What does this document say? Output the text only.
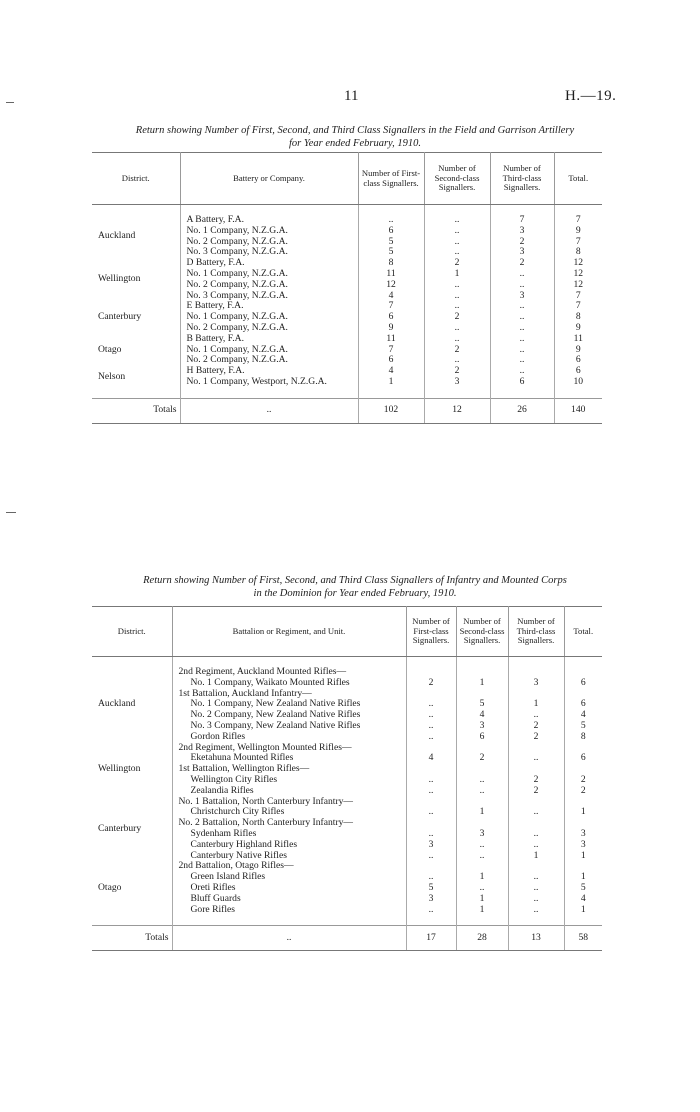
11	H.—19.
Return showing Number of First, Second, and Third Class Signallers in the Field and Garrison Artillery
for Year ended February, 1910.
District.	Battery or Company.	Number of First-class Signallers.	Number of Second-class Signallers.	Number of Third-class Signallers.	Total.

Auckland	A Battery, F.A.	..	..	7	7
	No. 1 Company, N.Z.G.A.	6	..	3	9
	No. 2 Company, N.Z.G.A.	5	..	2	7
	No. 3 Company, N.Z.G.A.	5	..	3	8
Wellington	D Battery, F.A.	8	2	2	12
	No. 1 Company, N.Z.G.A.	11	1	..	12
	No. 2 Company, N.Z.G.A.	12	..	..	12
	No. 3 Company, N.Z.G.A.	4	..	3	7
Canterbury	E Battery, F.A.	7	..	..	7
	No. 1 Company, N.Z.G.A.	6	2	..	8
	No. 2 Company, N.Z.G.A.	9	..	..	9
Otago	B Battery, F.A.	11	..	..	11
	No. 1 Company, N.Z.G.A.	7	2	..	9
	No. 2 Company, N.Z.G.A.	6	..	..	6
Nelson	H Battery, F.A.	4	2	..	6
	No. 1 Company, Westport, N.Z.G.A.	1	3	6	10

Totals	..	102	12	26	140
Return showing Number of First, Second, and Third Class Signallers of Infantry and Mounted Corps
in the Dominion for Year ended February, 1910.
District.	Battalion or Regiment, and Unit.	Number of First-class Signallers.	Number of Second-class Signallers.	Number of Third-class Signallers.	Total.

Auckland	2nd Regiment, Auckland Mounted Rifles—				
	No. 1 Company, Waikato Mounted Rifles	2	1	3	6
	1st Battalion, Auckland Infantry—				
	No. 1 Company, New Zealand Native Rifles	..	5	1	6
	No. 2 Company, New Zealand Native Rifles	..	4	..	4
	No. 3 Company, New Zealand Native Rifles	..	3	2	5
	Gordon Rifles	..	6	2	8
Wellington	2nd Regiment, Wellington Mounted Rifles—				
	Eketahuna Mounted Rifles	4	2	..	6
	1st Battalion, Wellington Rifles—				
	Wellington City Rifles	..	..	2	2
	Zealandia Rifles	..	..	2	2
Canterbury	No. 1 Battalion, North Canterbury Infantry—				
	Christchurch City Rifles	..	1	..	1
	No. 2 Battalion, North Canterbury Infantry—				
	Sydenham Rifles	..	3	..	3
	Canterbury Highland Rifles	3	..	..	3
	Canterbury Native Rifles	..	..	1	1
Otago	2nd Battalion, Otago Rifles—				
	Green Island Rifles	..	1	..	1
	Oreti Rifles	5	..	..	5
	Bluff Guards	3	1	..	4
	Gore Rifles	..	1	..	1

Totals	..	17	28	13	58
